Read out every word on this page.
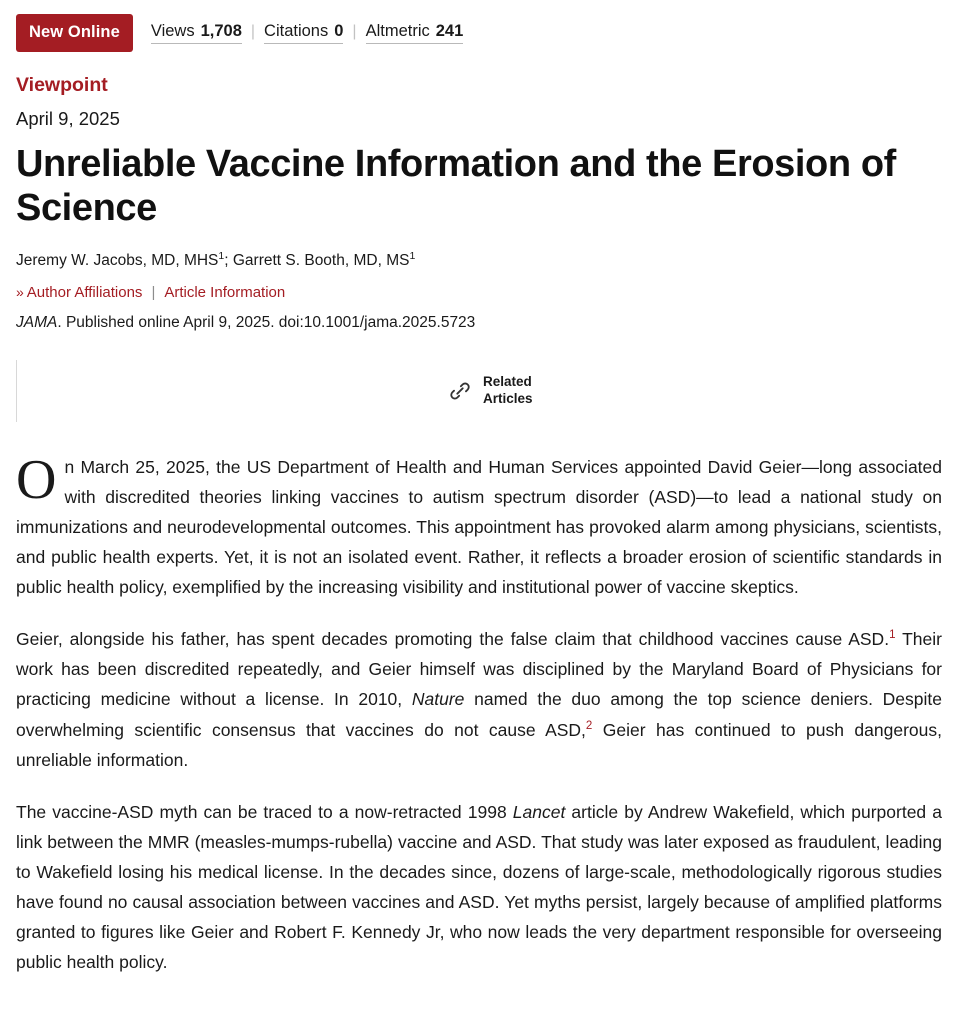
New Online	Views 1,708 | Citations 0 | Altmetric 241
Viewpoint
April 9, 2025
Unreliable Vaccine Information and the Erosion of Science
Jeremy W. Jacobs, MD, MHS$^1$; Garrett S. Booth, MD, $MS^1$
» Author Affiliations | Article Information
JAMA. Published online April 9, 2025. doi:10.1001/jama.2025.5723
Related
Articles

On March 25, 2025, the US Department of Health and Human Services appointed David Geier—long associated with discredited theories linking vaccines to autism spectrum disorder (ASD)—to lead a national study on immunizations and neurodevelopmental outcomes. This appointment has provoked alarm among physicians, scientists, and public health experts. Yet, it is not an isolated event. Rather, it reflects a broader erosion of scientific standards in public health policy, exemplified by the increasing visibility and institutional power of vaccine skeptics.

Geier, alongside his father, has spent decades promoting the false claim that childhood vaccines cause ASD.$^1$ Their work has been discredited repeatedly, and Geier himself was disciplined by the Maryland Board of Physicians for practicing medicine without a license. In 2010, Nature named the duo among the top science deniers. Despite overwhelming scientific consensus that vaccines do not cause ASD,$^2$ Geier has continued to push dangerous, unreliable information.

The vaccine-ASD myth can be traced to a now-retracted 1998 Lancet article by Andrew Wakefield, which purported a link between the MMR (measles-mumps-rubella) vaccine and ASD. That study was later exposed as fraudulent, leading to Wakefield losing his medical license. In the decades since, dozens of large-scale, methodologically rigorous studies have found no causal association between vaccines and ASD. Yet myths persist, largely because of amplified platforms granted to figures like Geier and Robert F. Kennedy Jr, who now leads the very department responsible for overseeing public health policy.
